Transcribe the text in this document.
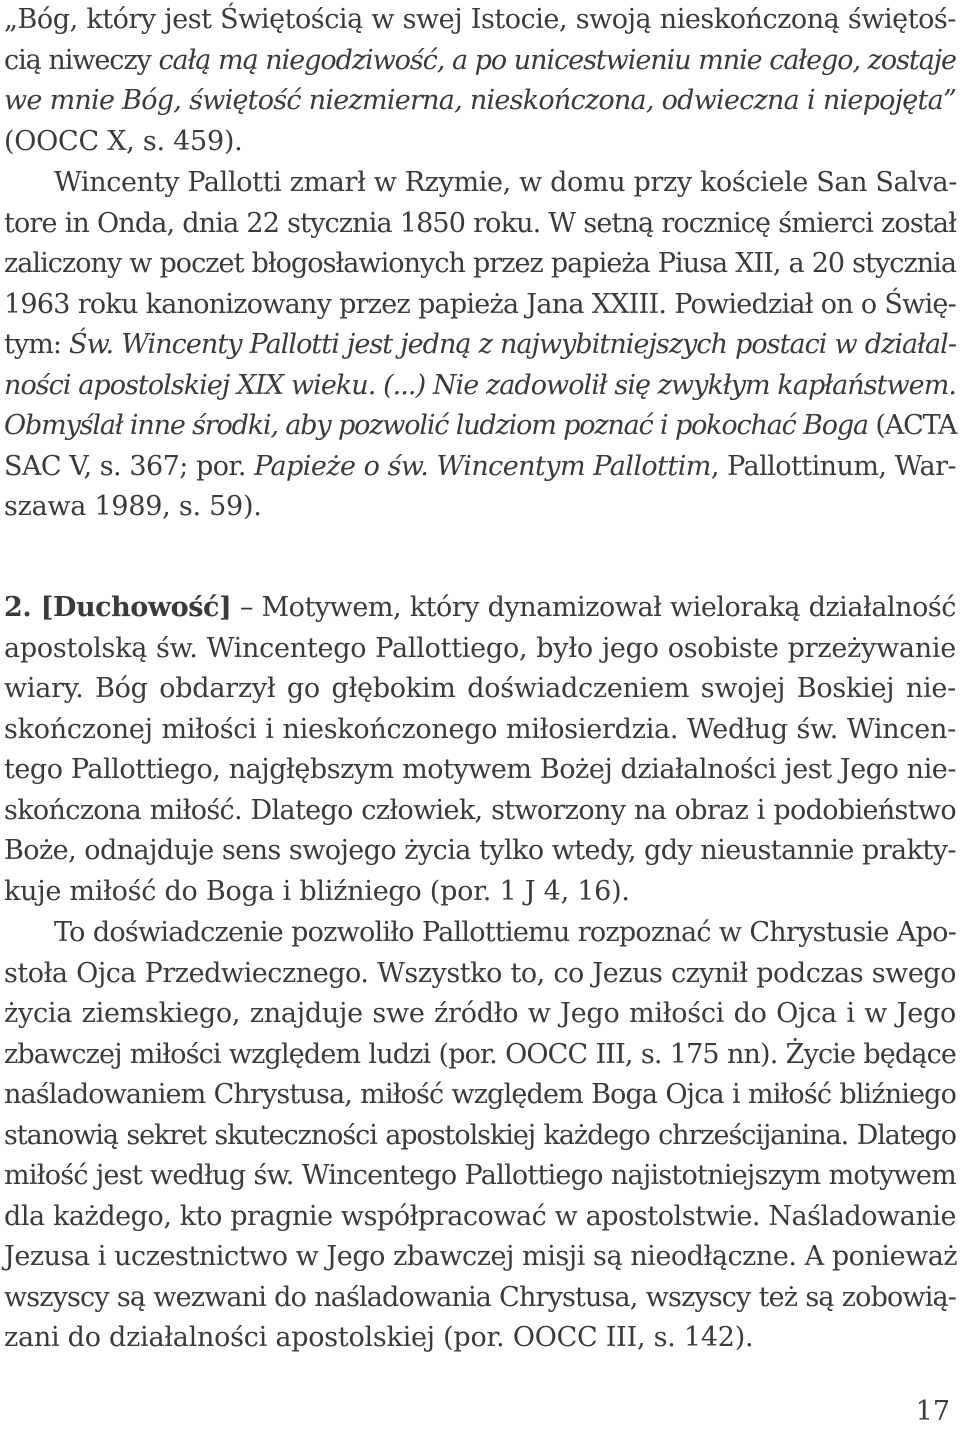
„Bóg, który jest Świętością w swej Istocie, swoją nieskończoną świętoś-
cią niweczy całą mą niegodziwość, a po unicestwieniu mnie całego, zostaje
we mnie Bóg, świętość niezmierna, nieskończona, odwieczna i niepojęta”
(OOCC X, s. 459).
Wincenty Pallotti zmarł w Rzymie, w domu przy kościele San Salva-
tore in Onda, dnia 22 stycznia 1850 roku. W setną rocznicę śmierci został
zaliczony w poczet błogosławionych przez papieża Piusa XII, a 20 stycznia
1963 roku kanonizowany przez papieża Jana XXIII. Powiedział on o Świę-
tym: Św. Wincenty Pallotti jest jedną z najwybitniejszych postaci w działal-
ności apostolskiej XIX wieku. (...) Nie zadowolił się zwykłym kapłaństwem.
Obmyślał inne środki, aby pozwolić ludziom poznać i pokochać Boga (ACTA
SAC V, s. 367; por. Papieże o św. Wincentym Pallottim, Pallottinum, War-
szawa 1989, s. 59).
2. [Duchowość] – Motywem, który dynamizował wieloraką działalność
apostolską św. Wincentego Pallottiego, było jego osobiste przeżywanie
wiary. Bóg obdarzył go głębokim doświadczeniem swojej Boskiej nie-
skończonej miłości i nieskończonego miłosierdzia. Według św. Wincen-
tego Pallottiego, najgłębszym motywem Bożej działalności jest Jego nie-
skończona miłość. Dlatego człowiek, stworzony na obraz i podobieństwo
Boże, odnajduje sens swojego życia tylko wtedy, gdy nieustannie prakty-
kuje miłość do Boga i bliźniego (por. 1 J 4, 16).
To doświadczenie pozwoliło Pallottiemu rozpoznać w Chrystusie Apo-
stoła Ojca Przedwiecznego. Wszystko to, co Jezus czynił podczas swego
życia ziemskiego, znajduje swe źródło w Jego miłości do Ojca i w Jego
zbawczej miłości względem ludzi (por. OOCC III, s. 175 nn). Życie będące
naśladowaniem Chrystusa, miłość względem Boga Ojca i miłość bliźniego
stanowią sekret skuteczności apostolskiej każdego chrześcijanina. Dlatego
miłość jest według św. Wincentego Pallottiego najistotniejszym motywem
dla każdego, kto pragnie współpracować w apostolstwie. Naśladowanie
Jezusa i uczestnictwo w Jego zbawczej misji są nieodłączne. A ponieważ
wszyscy są wezwani do naśladowania Chrystusa, wszyscy też są zobowią-
zani do działalności apostolskiej (por. OOCC III, s. 142).
17
